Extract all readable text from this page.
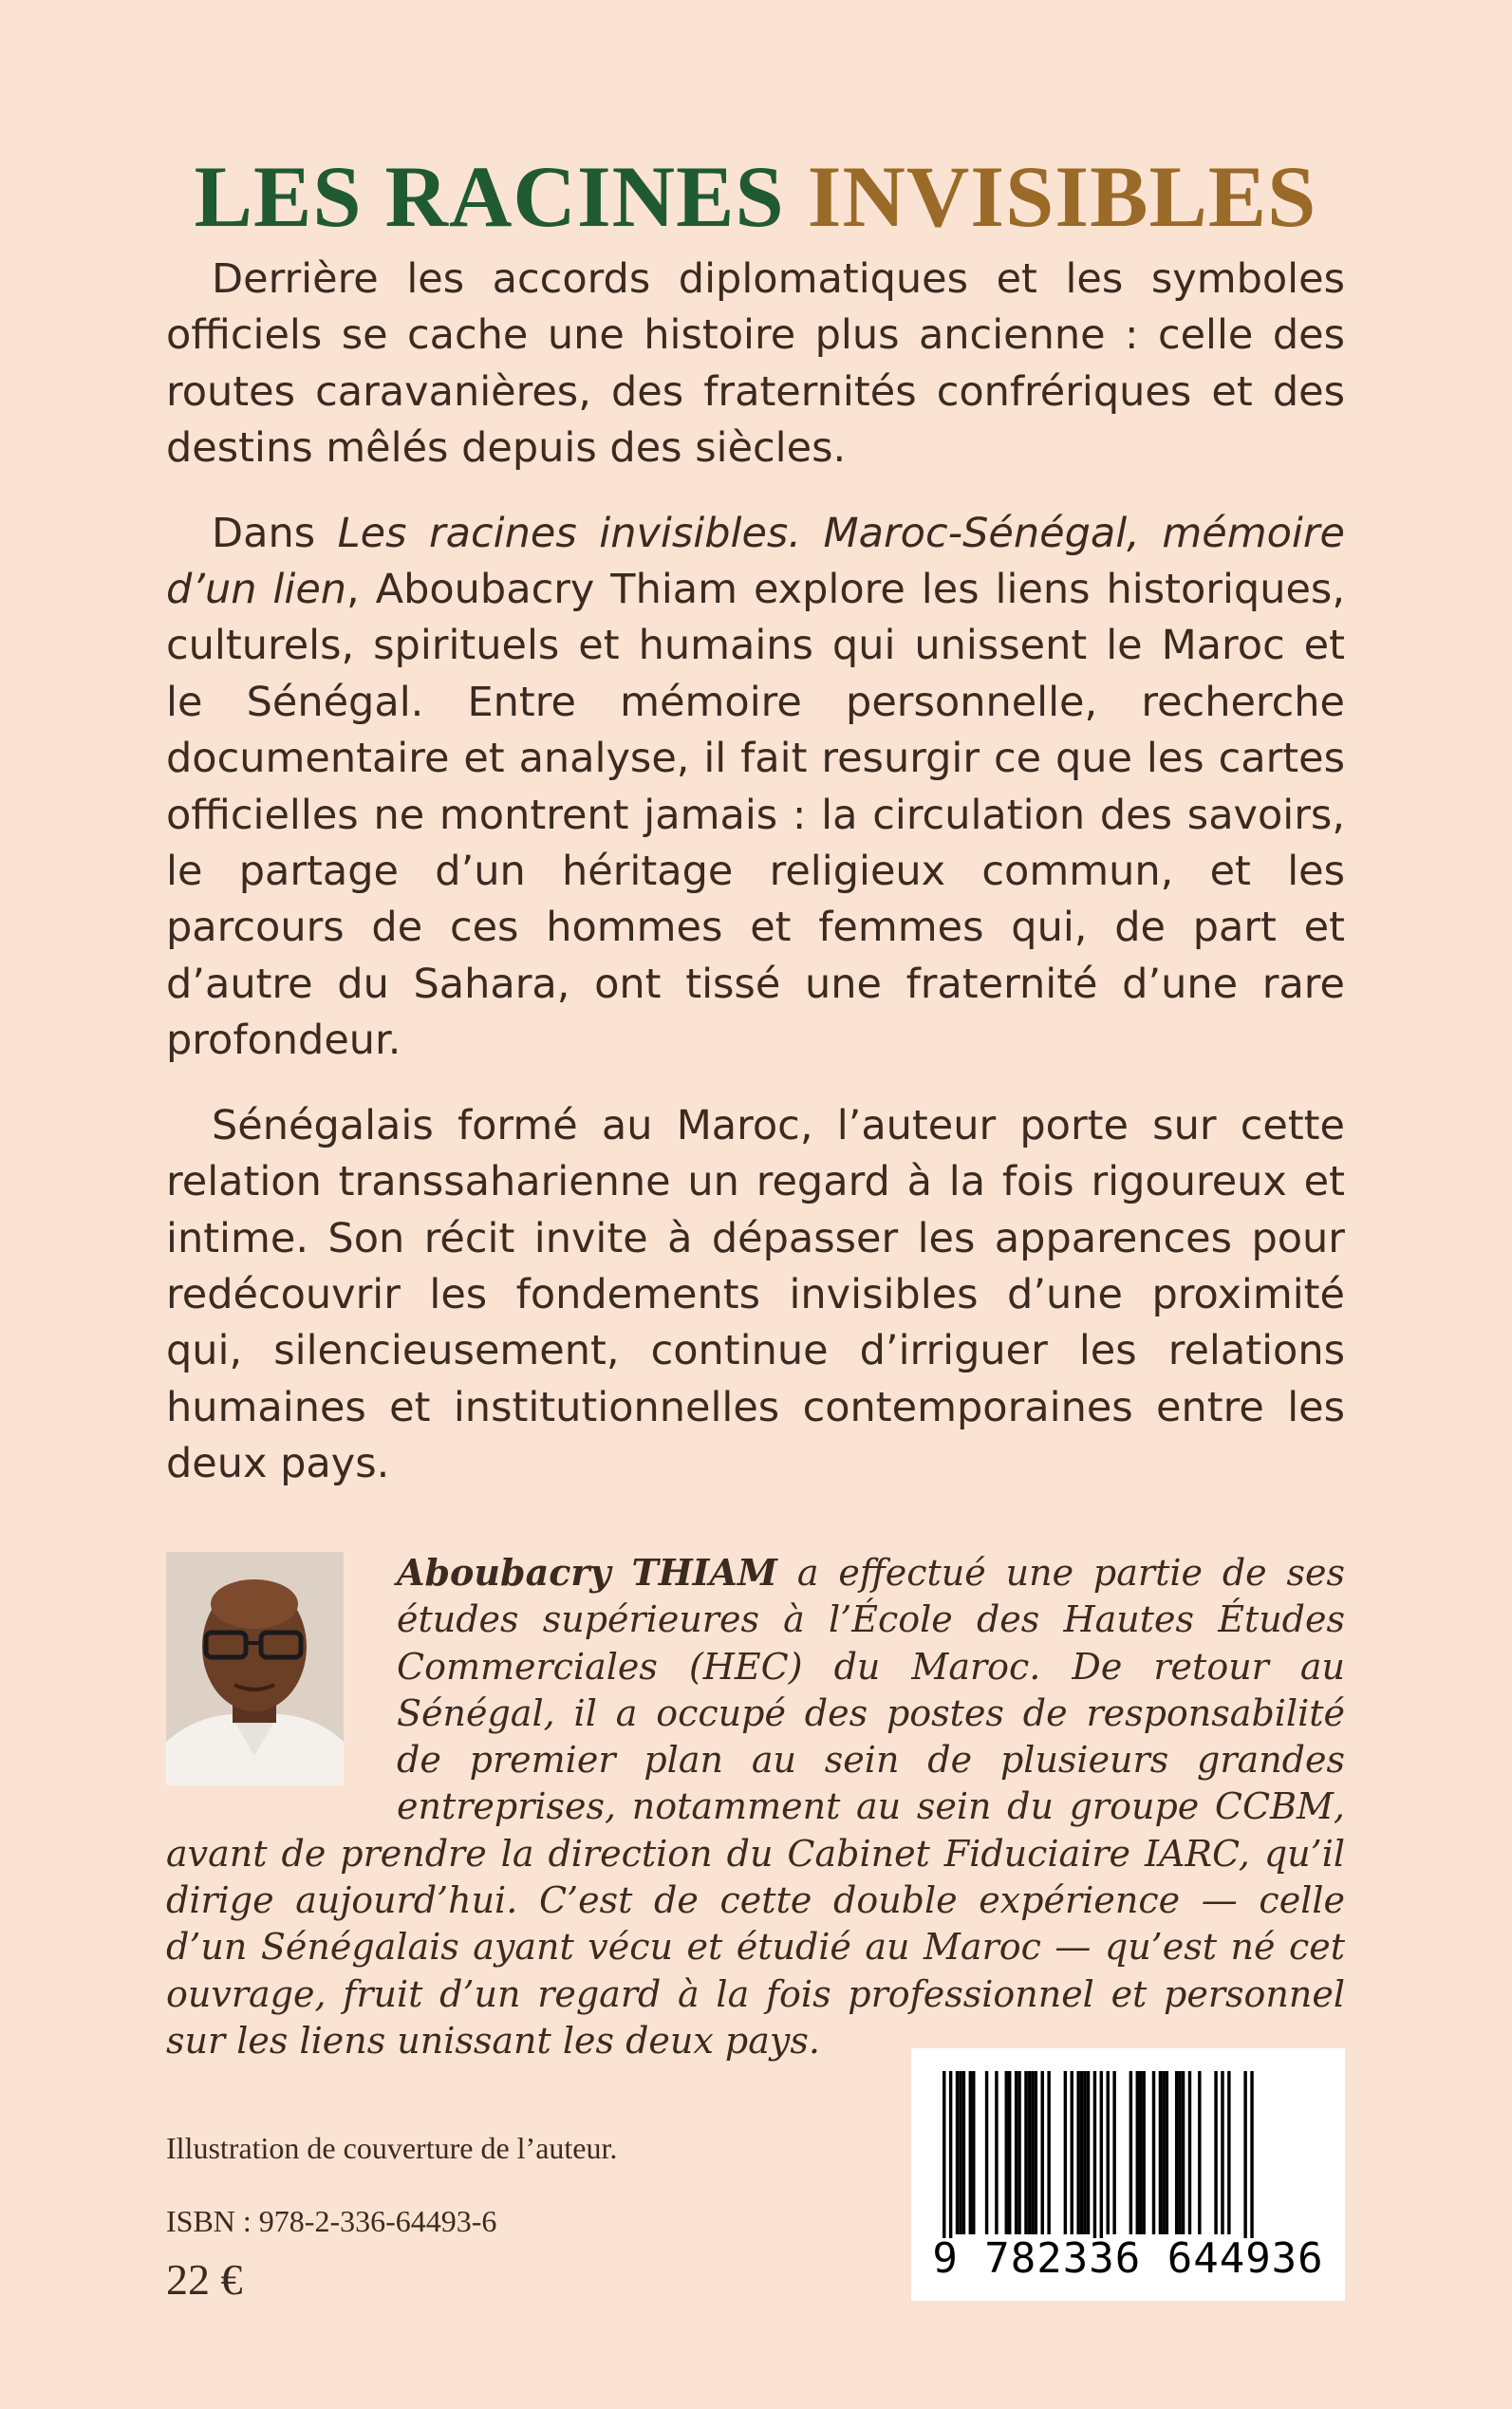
LES RACINES INVISIBLES

Derrière les accords diplomatiques et les symboles officiels se cache une histoire plus ancienne : celle des routes caravanières, des fraternités confrériques et des destins mêlés depuis des siècles.

Dans Les racines invisibles. Maroc-Sénégal, mémoire d’un lien, Aboubacry Thiam explore les liens historiques, culturels, spirituels et humains qui unissent le Maroc et le Sénégal. Entre mémoire personnelle, recherche documentaire et analyse, il fait resurgir ce que les cartes officielles ne montrent jamais : la circulation des savoirs, le partage d’un héritage religieux commun, et les parcours de ces hommes et femmes qui, de part et d’autre du Sahara, ont tissé une fraternité d’une rare profondeur.

Sénégalais formé au Maroc, l’auteur porte sur cette relation transsaharienne un regard à la fois rigoureux et intime. Son récit invite à dépasser les apparences pour redécouvrir les fondements invisibles d’une proximité qui, silencieusement, continue d’irriguer les relations humaines et institutionnelles contemporaines entre les deux pays.

Aboubacry THIAM a effectué une partie de ses études supérieures à l’École des Hautes Études Commerciales (HEC) du Maroc. De retour au Sénégal, il a occupé des postes de responsabilité de premier plan au sein de plusieurs grandes entreprises, notamment au sein du groupe CCBM, avant de prendre la direction du Cabinet Fiduciaire IARC, qu’il dirige aujourd’hui. C’est de cette double expérience — celle d’un Sénégalais ayant vécu et étudié au Maroc — qu’est né cet ouvrage, fruit d’un regard à la fois professionnel et personnel sur les liens unissant les deux pays.
Illustration de couverture de l’auteur.
ISBN : 978-2-336-64493-6
22 €	9 782336 644936
